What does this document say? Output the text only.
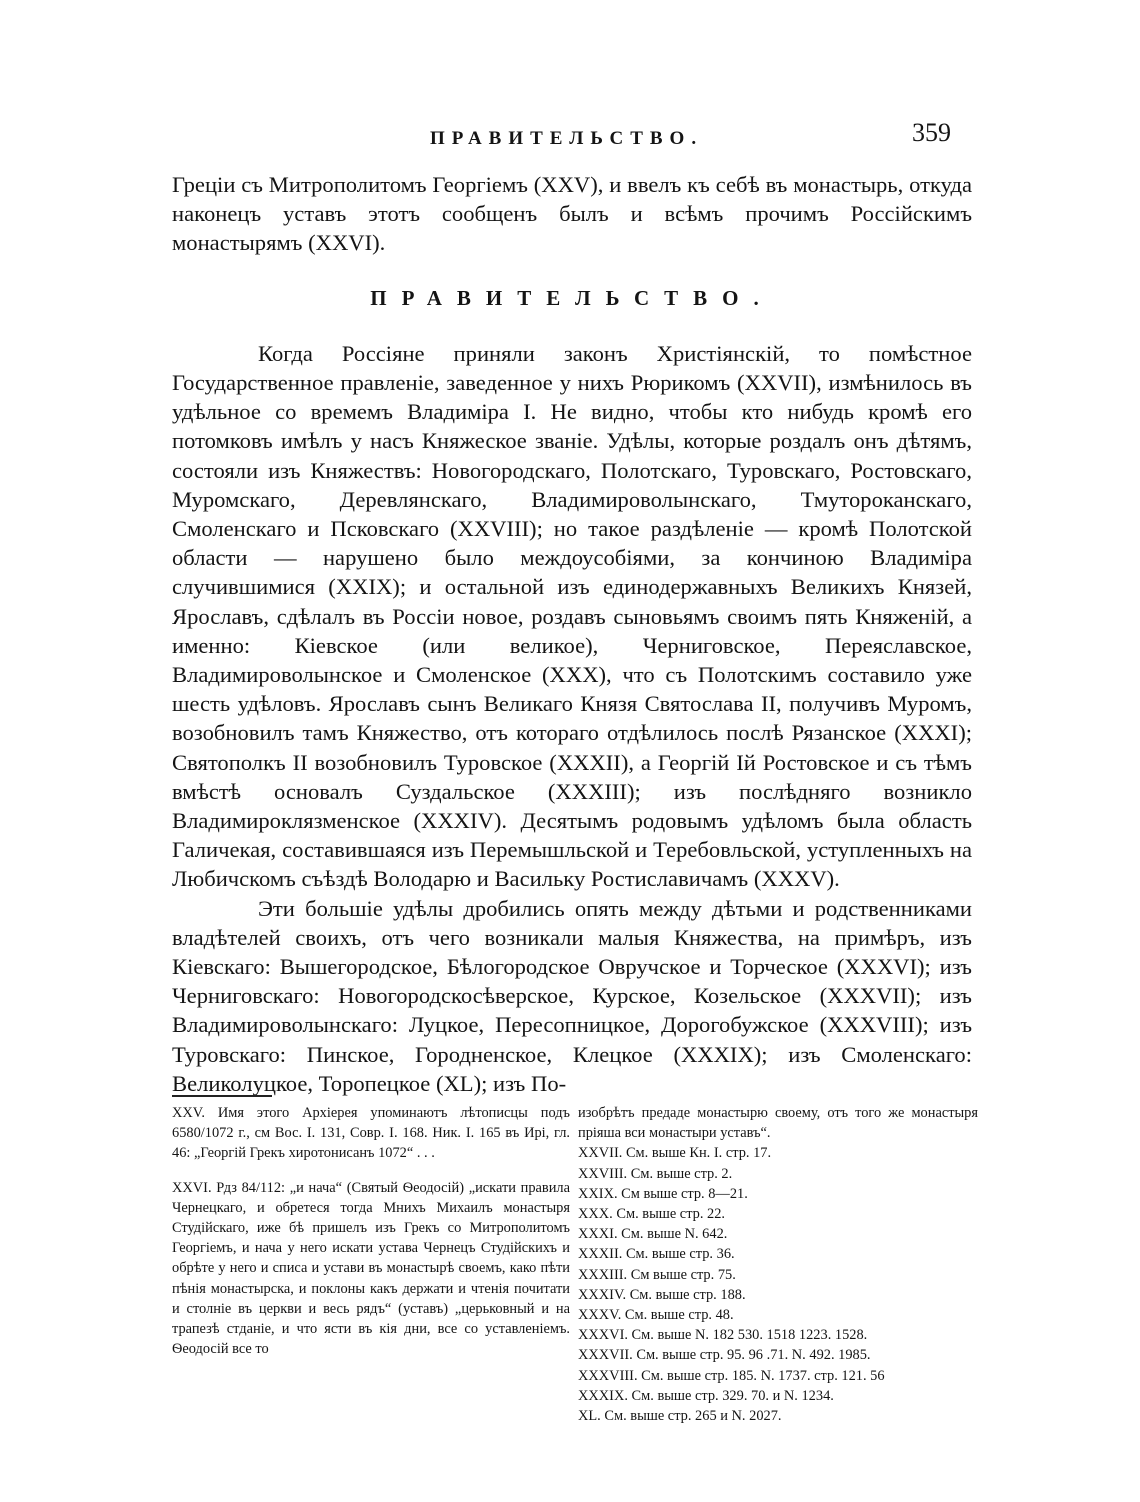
ПРАВИТЕЛЬСТВО.	359

Греціи съ Митрополитомъ Георгіемъ (XXV), и ввелъ къ себѣ въ монастырь, откуда наконецъ уставъ этотъ сообщенъ былъ и всѣмъ прочимъ Россійскимъ монастырямъ (XXVI).

ПРАВИТЕЛЬСТВО.

Когда Россіяне приняли законъ Христіянскій, то помѣстное Государственное правленіе, заведенное у нихъ Рюрикомъ (XXVII), измѣнилось въ удѣльное со времемъ Владиміра I. Не видно, чтобы кто нибудь кромѣ его потомковъ имѣлъ у насъ Княжеское званіе. Удѣлы, которые роздалъ онъ дѣтямъ, состояли изъ Княжествъ: Новогородскаго, Полотскаго, Туровскаго, Ростовскаго, Муромскаго, Деревлянскаго, Владимироволынскаго, Тмутороканскаго, Смоленскаго и Псковскаго (XXVIII); но такое раздѣленіе — кромѣ Полотской области — нарушено было междоусобіями, за кончиною Владиміра случившимися (XXIX); и остальной изъ единодержавныхъ Великихъ Князей, Ярославъ, сдѣлалъ въ Россіи новое, роздавъ сыновьямъ своимъ пять Княженій, а именно: Кіевское (или великое), Черниговское, Переяславское, Владимироволынское и Смоленское (XXX), что съ Полотскимъ составило уже шесть удѣловъ. Ярославъ сынъ Великаго Князя Святослава II, получивъ Муромъ, возобновилъ тамъ Княжество, отъ котораго отдѣлилось послѣ Рязанское (XXXI); Святополкъ II возобновилъ Туровское (XXXII), а Георгій Iй Ростовское и съ тѣмъ вмѣстѣ основалъ Суздальское (XXXIII); изъ послѣдняго возникло Владимироклязменское (XXXIV). Десятымъ родовымъ удѣломъ была область Галичекая, составившаяся изъ Перемышльской и Теребовльской, уступленныхъ на Любичскомъ съѣздѣ Володарю и Васильку Ростиславичамъ (XXXV).

Эти большіе удѣлы дробились опять между дѣтьми и родственниками владѣтелей своихъ, отъ чего возникали малыя Княжества, на примѣръ, изъ Кіевскаго: Вышегородское, Бѣлогородское Овручское и Торческое (XXXVI); изъ Черниговскаго: Новогородскосѣверское, Курское, Козельское (XXXVII); изъ Владимироволынскаго: Луцкое, Пересопницкое, Дорогобужское (XXXVIII); изъ Туровскаго: Пинское, Городненское, Клецкое (XXXIX); изъ Смоленскаго: Великолуцкое, Торопецкое (XL); изъ По-

XXV. Имя этого Архіерея упоминаютъ лѣтописцы подъ 6580/1072 г., см Вос. I. 131, Совр. I. 168. Ник. I. 165 въ Ирі, гл. 46: „Георгій Грекъ хиротонисанъ 1072“ . . .

XXVI. Рдз 84/112: „и нача“ (Святый Ѳеодосій) „искати правила Чернецкаго, и обретеся тогда Мнихъ Михаилъ монастыря Студійскаго, иже бѣ пришелъ изъ Грекъ со Митрополитомъ Георгіемъ, и нача у него искати устава Чернецъ Студійскихъ и обрѣте у него и списа и устави въ монастырѣ своемъ, како пѣти пѣнія монастырска, и поклоны какъ держати и чтенія почитати и столніе въ церкви и весь рядъ“ (уставъ) „церьковный и на трапезѣ стданіе, и что ясти въ кія дни, все со уставленіемъ. Ѳеодосій все то

изобрѣтъ предаде монастырю своему, отъ того же монастыря пріяша вси монастыри уставъ“.

XXVII. См. выше Кн. I. стр. 17.
XXVIII. См. выше стр. 2.
XXIX. См выше стр. 8—21.
XXX. См. выше стр. 22.
XXXI. См. выше N. 642.
XXXII. См. выше стр. 36.
XXXIII. См выше стр. 75.
XXXIV. См. выше стр. 188.
XXXV. См. выше стр. 48.
XXXVI. См. выше N. 182 530. 1518 1223. 1528.
XXXVII. См. выше стр. 95. 96 .71. N. 492. 1985.
XXXVIII. См. выше стр. 185. N. 1737. стр. 121. 56
XXXIX. См. выше стр. 329. 70. и N. 1234.
XL. См. выше стр. 265 и N. 2027.
